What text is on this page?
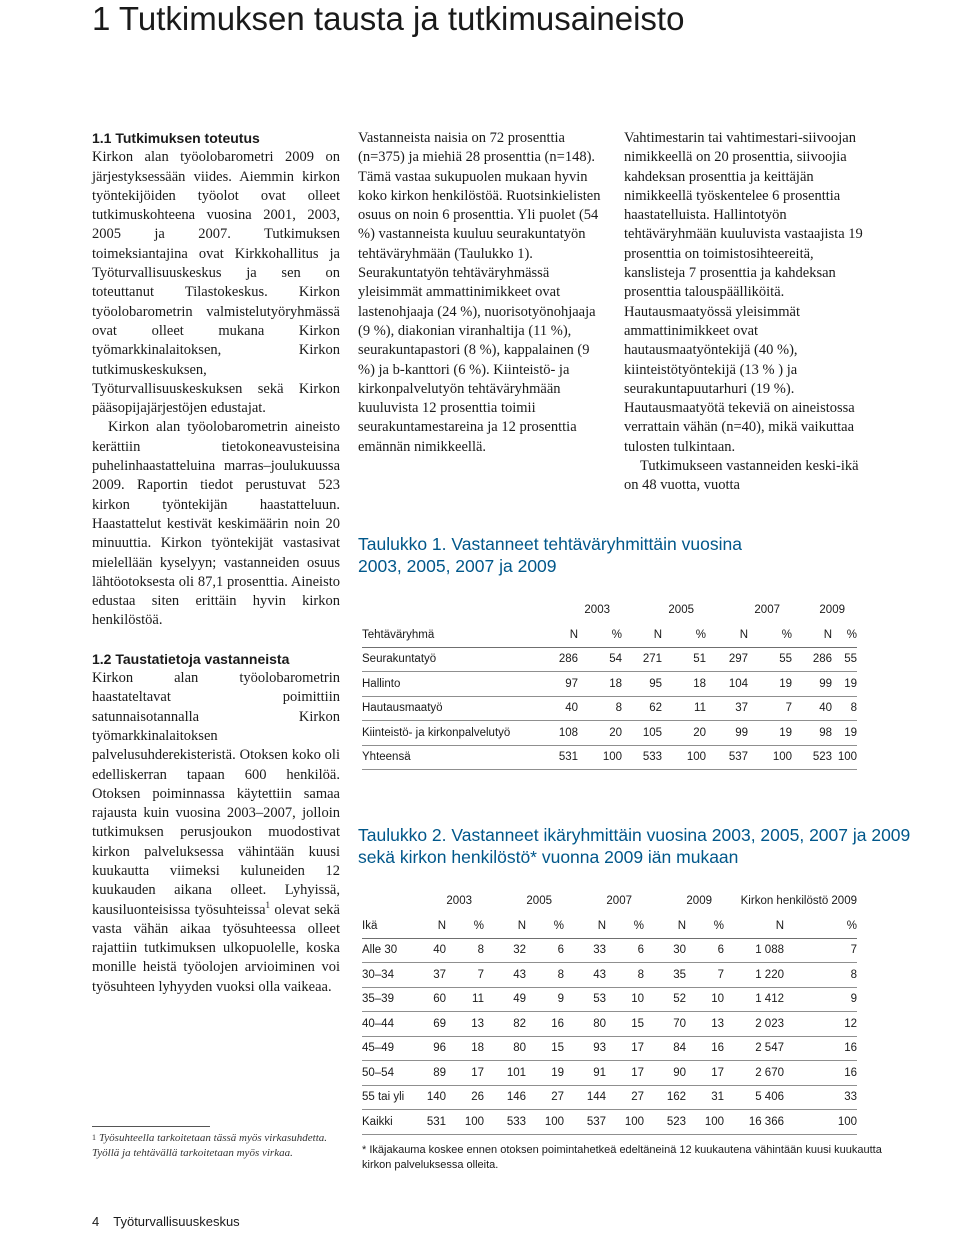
1 Tutkimuksen tausta ja tutkimusaineisto
1.1 Tutkimuksen toteutus

Kirkon alan työolobarometri 2009 on järjestyksessään viides. Aiemmin kirkon työntekijöiden työolot ovat olleet tutkimuskohteena vuosina 2001, 2003, 2005 ja 2007. Tutkimuksen toimeksiantajina ovat Kirkkohallitus ja Työturvallisuuskeskus ja sen on toteuttanut Tilastokeskus. Kirkon työolobarometrin valmistelutyöryhmässä ovat olleet mukana Kirkon työmarkkinalaitoksen, Kirkon tutkimuskeskuksen, Työturvallisuuskeskuksen sekä Kirkon pääsopijajärjestöjen edustajat.

Kirkon alan työolobarometrin aineisto kerättiin tietokoneavusteisina puhelinhaastatteluina marras–joulukuussa 2009. Raportin tiedot perustuvat 523 kirkon työntekijän haastatteluun. Haastattelut kestivät keskimäärin noin 20 minuuttia. Kirkon työntekijät vastasivat mielellään kyselyyn; vastanneiden osuus lähtöotoksesta oli 87,1 prosenttia. Aineisto edustaa siten erittäin hyvin kirkon henkilöstöä.

1.2 Taustatietoja vastanneista

Kirkon alan työolobarometrin haastateltavat poimittiin satunnaisotannalla Kirkon työmarkkinalaitoksen palvelusuhderekisteristä. Otoksen koko oli edelliskerran tapaan 600 henkilöä. Otoksen poiminnassa käytettiin samaa rajausta kuin vuosina 2003–2007, jolloin tutkimuksen perusjoukon muodostivat kirkon palveluksessa vähintään kuusi kuukautta viimeksi kuluneiden 12 kuukauden aikana olleet. Lyhyissä, kausiluonteisissa työsuhteissa$^1$ olevat sekä vasta vähän aikaa työsuhteessa olleet rajattiin tutkimuksen ulkopuolelle, koska monille heistä työolojen arvioiminen voi työsuhteen lyhyyden vuoksi olla vaikeaa.

$^1$ Työsuhteella tarkoitetaan tässä myös virkasuhdetta. Työllä ja tehtävällä tarkoitetaan myös virkaa.

Vastanneista naisia on 72 prosenttia (n=375) ja miehiä 28 prosenttia (n=148). Tämä vastaa sukupuolen mukaan hyvin koko kirkon henkilöstöä. Ruotsinkielisten osuus on noin 6 prosenttia. Yli puolet (54 %) vastanneista kuuluu seurakuntatyön tehtäväryhmään (Taulukko 1). Seurakuntatyön tehtäväryhmässä yleisimmät ammattinimikkeet ovat lastenohjaaja (24 %), nuorisotyönohjaaja (9 %), diakonian viranhaltija (11 %), seurakuntapastori (8 %), kappalainen (9 %) ja b-kanttori (6 %). Kiinteistö- ja kirkonpalvelutyön tehtäväryhmään kuuluvista 12 prosenttia toimii seurakuntamestareina ja 12 prosenttia emännän nimikkeellä.

Vahtimestarin tai vahtimestari-siivoojan nimikkeellä on 20 prosenttia, siivoojia kahdeksan prosenttia ja keittäjän nimikkeellä työskentelee 6 prosenttia haastatelluista. Hallintotyön tehtäväryhmään kuuluvista vastaajista 19 prosenttia on toimistosihteereitä, kanslisteja 7 prosenttia ja kahdeksan prosenttia talouspäälliköitä. Hautausmaatyössä yleisimmät ammattinimikkeet ovat hautausmaatyöntekijä (40 %), kiinteistötyöntekijä (13 % ) ja seurakuntapuutarhuri (19 %). Hautausmaatyötä tekeviä on aineistossa verrattain vähän (n=40), mikä vaikuttaa tulosten tulkintaan.

Tutkimukseen vastanneiden keski-ikä on 48 vuotta, vuotta

Taulukko 1. Vastanneet tehtäväryhmittäin vuosina 2003, 2005, 2007 ja 2009
	2003		2005		2007		2009	
Tehtäväryhmä	N	%	N	%	N	%	N	%
Seurakuntatyö	286	54	271	51	297	55	286	55
Hallinto	97	18	95	18	104	19	99	19
Hautausmaatyö	40	8	62	11	37	7	40	8
Kiinteistö- ja kirkonpalvelutyö	108	20	105	20	99	19	98	19
Yhteensä	531	100	533	100	537	100	523	100
Taulukko 2. Vastanneet ikäryhmittäin vuosina 2003, 2005, 2007 ja 2009 sekä kirkon henkilöstö* vuonna 2009 iän mukaan
	2003		2005		2007		2009		Kirkon henkilöstö 2009	
Ikä	N	%	N	%	N	%	N	%	N	%
Alle 30	40	8	32	6	33	6	30	6	1 088	7
30–34	37	7	43	8	43	8	35	7	1 220	8
35–39	60	11	49	9	53	10	52	10	1 412	9
40–44	69	13	82	16	80	15	70	13	2 023	12
45–49	96	18	80	15	93	17	84	16	2 547	16
50–54	89	17	101	19	91	17	90	17	2 670	16
55 tai yli	140	26	146	27	144	27	162	31	5 406	33
Kaikki	531	100	533	100	537	100	523	100	16 366	100
* Ikäjakauma koskee ennen otoksen poimintahetkeä edeltäneinä 12 kuukautena vähintään kuusi kuukautta kirkon palveluksessa olleita.
4 Työturvallisuuskeskus
